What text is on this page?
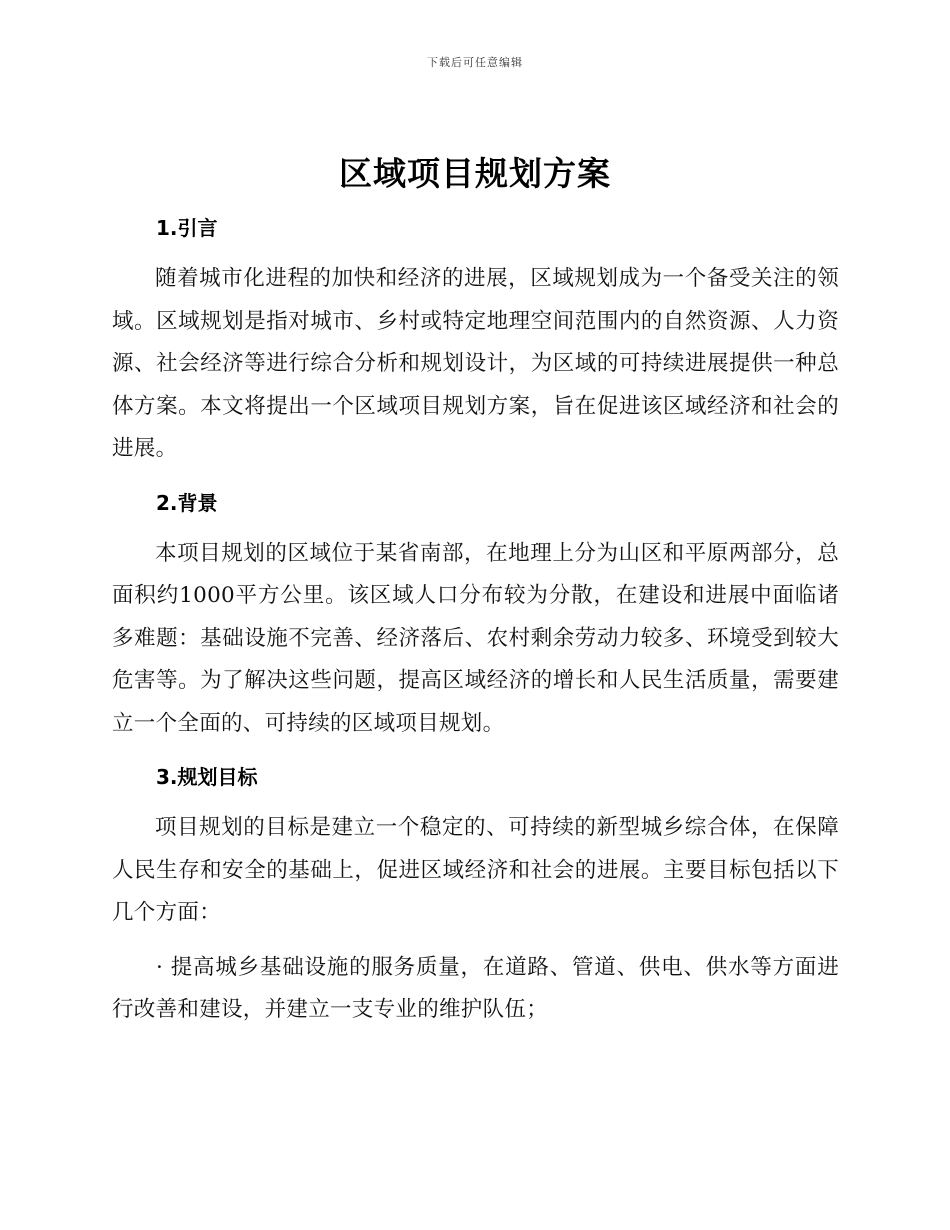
下载后可任意编辑
区域项目规划方案
1.引言

随着城市化进程的加快和经济的进展，区域规划成为一个备受关注的领域。区域规划是指对城市、乡村或特定地理空间范围内的自然资源、人力资源、社会经济等进行综合分析和规划设计，为区域的可持续进展提供一种总体方案。本文将提出一个区域项目规划方案，旨在促进该区域经济和社会的进展。

2.背景

本项目规划的区域位于某省南部，在地理上分为山区和平原两部分，总面积约1000平方公里。该区域人口分布较为分散，在建设和进展中面临诸多难题：基础设施不完善、经济落后、农村剩余劳动力较多、环境受到较大危害等。为了解决这些问题，提高区域经济的增长和人民生活质量，需要建立一个全面的、可持续的区域项目规划。

3.规划目标

项目规划的目标是建立一个稳定的、可持续的新型城乡综合体，在保障人民生存和安全的基础上，促进区域经济和社会的进展。主要目标包括以下几个方面：

· 提高城乡基础设施的服务质量，在道路、管道、供电、供水等方面进行改善和建设，并建立一支专业的维护队伍；
